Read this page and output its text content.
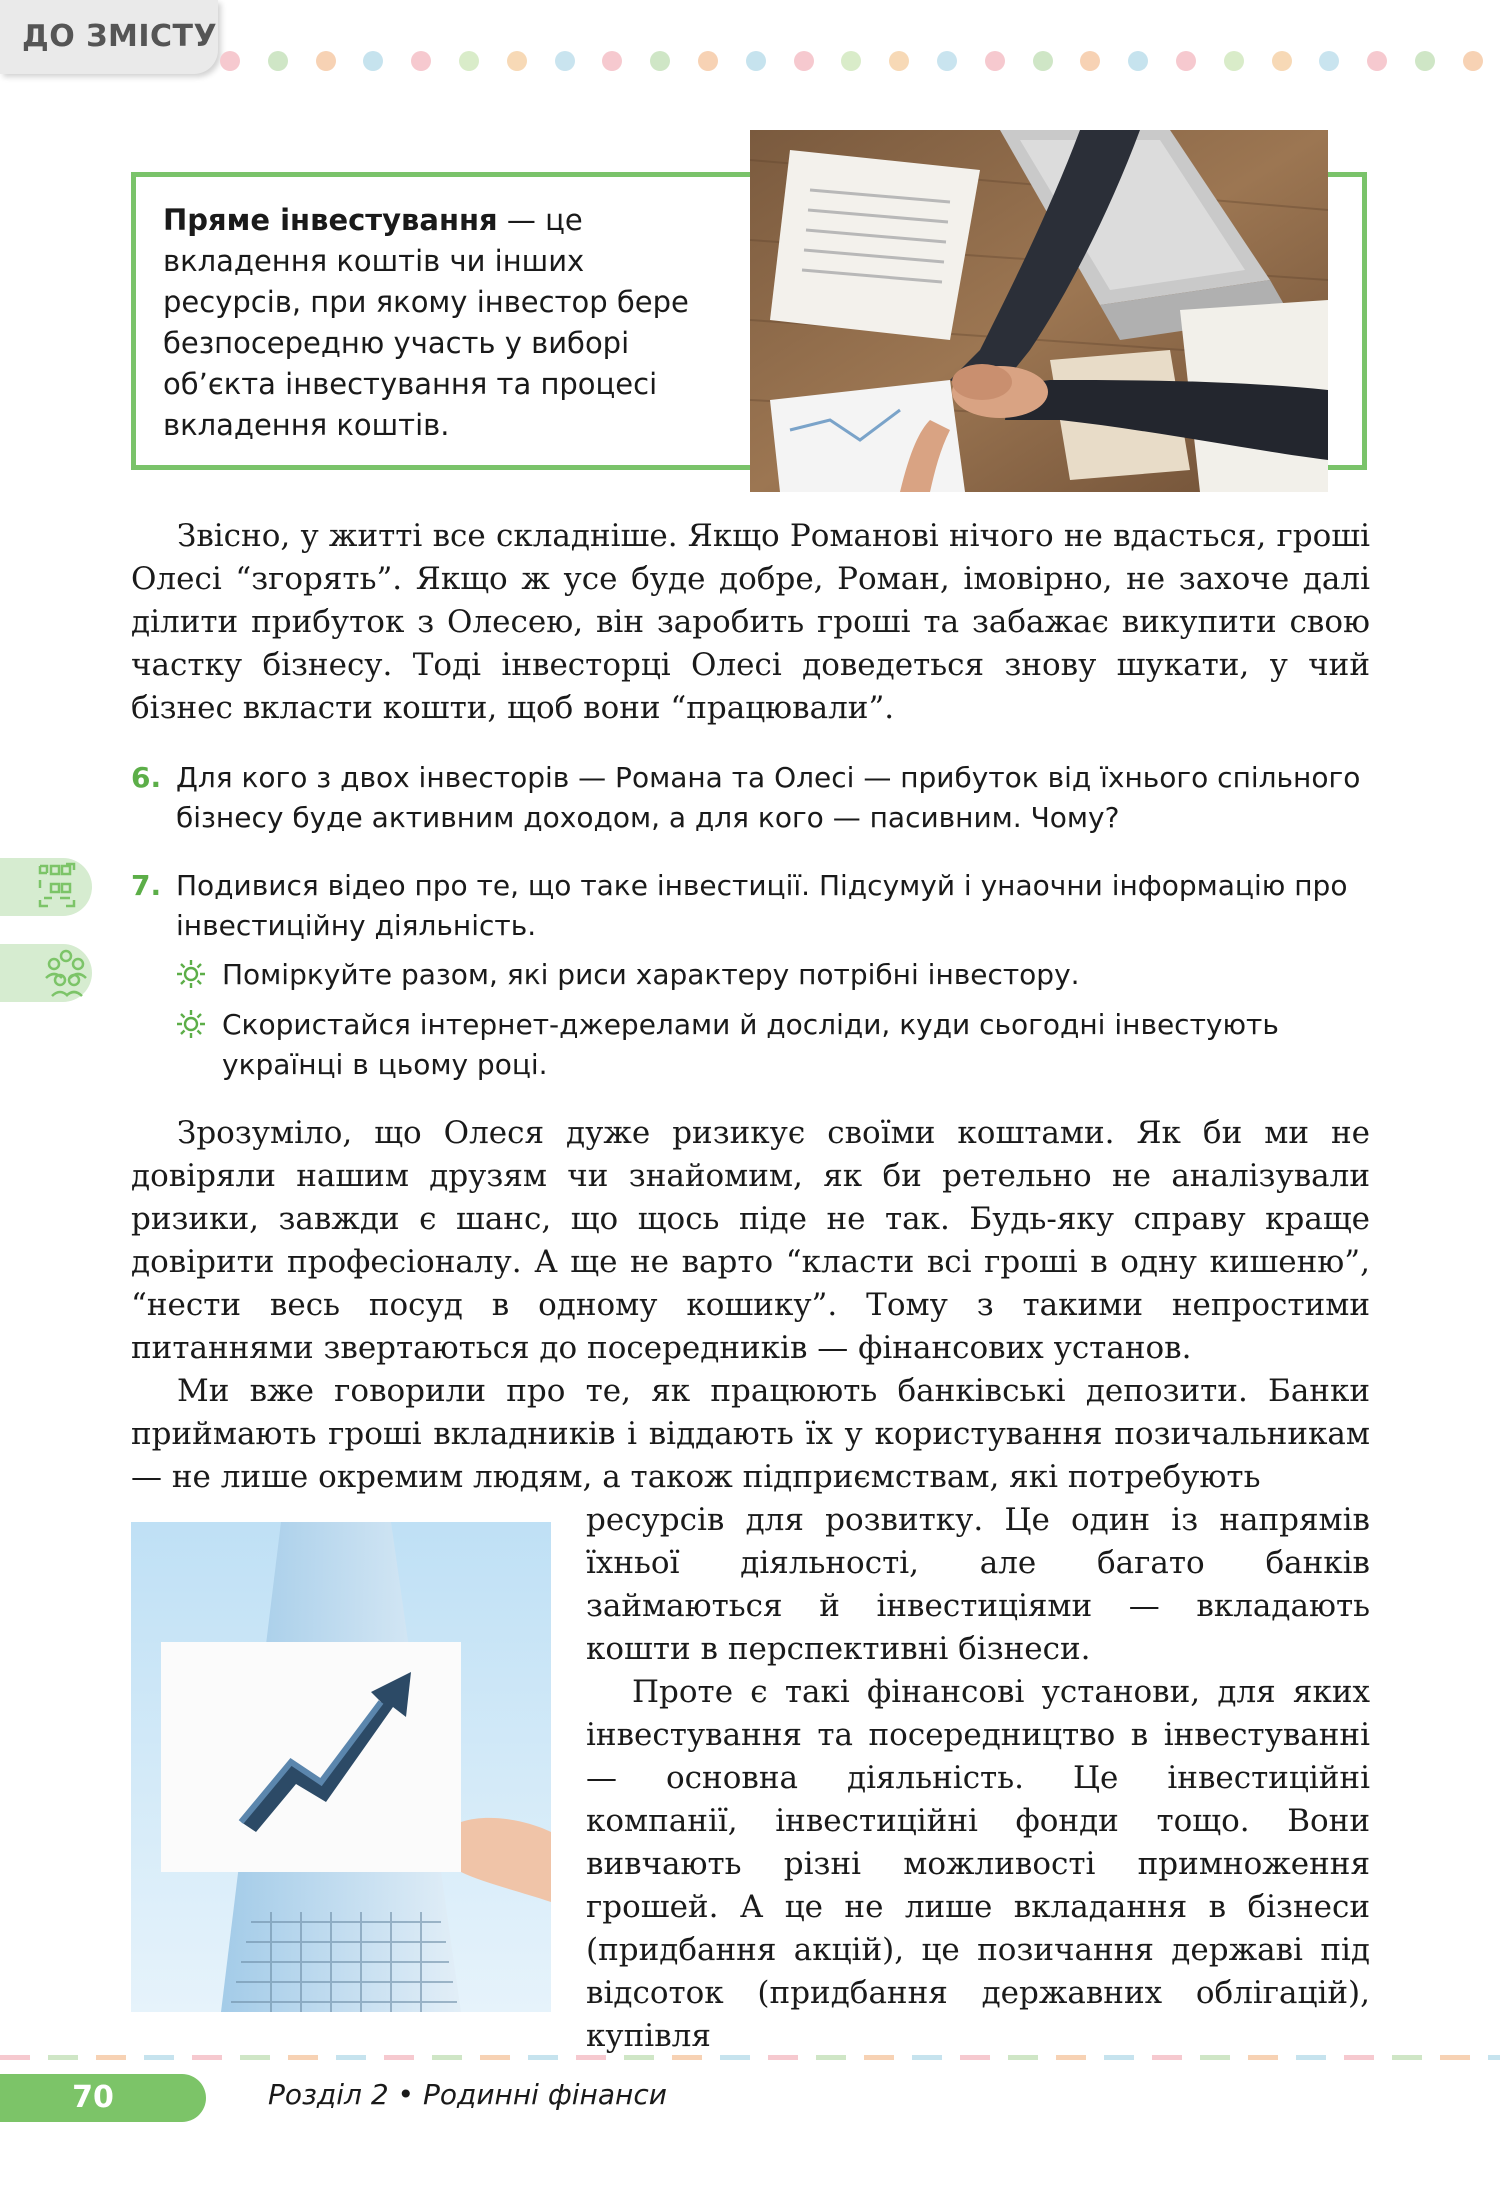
ДО ЗМІСТУ
Пряме інвестування — це вкладення коштів чи інших ресурсів, при якому інвестор бере безпосередню участь у виборі об’єкта інвестування та процесі вкладення коштів.
Звісно, у житті все складніше. Якщо Романові нічого не вдасться, гроші Олесі “згорять”. Якщо ж усе буде добре, Роман, імовірно, не захоче далі ділити прибуток з Олесею, він заробить гроші та забажає викупити свою частку бізнесу. Тоді інвесторці Олесі доведеться знову шукати, у чий бізнес вкласти кошти, щоб вони “працювали”.
6. Для кого з двох інвесторів — Романа та Олесі — прибуток від їхнього спільного бізнесу буде активним доходом, а для кого — пасивним. Чому?
7. Подивися відео про те, що таке інвестиції. Підсумуй і унаочни інформацію про інвестиційну діяльність.
Поміркуйте разом, які риси характеру потрібні інвестору.
Скористайся інтернет-джерелами й досліди, куди сьогодні інвестують українці в цьому році.
Зрозуміло, що Олеся дуже ризикує своїми коштами. Як би ми не довіряли нашим друзям чи знайомим, як би ретельно не аналізували ризики, завжди є шанс, що щось піде не так. Будь-яку справу краще довірити професіоналу. А ще не варто “класти всі гроші в одну кишеню”, “нести весь посуд в одному кошику”. Тому з такими непростими питаннями звертаються до посередників — фінансових установ.
Ми вже говорили про те, як працюють банківські депозити. Банки приймають гроші вкладників і віддають їх у користування позичальникам — не лише окремим людям, а також підприємствам, які потребують
ресурсів для розвитку. Це один із напрямів їхньої діяльності, але багато банків займаються й інвестиціями — вкладають кошти в перспективні бізнеси.
Проте є такі фінансові установи, для яких інвестування та посередництво в інвестуванні — основна діяльність. Це інвестиційні компанії, інвестиційні фонди тощо. Вони вивчають різні можливості примноження грошей. А це не лише вкладання в бізнеси (придбання акцій), це позичання державі під відсоток (придбання державних облігацій), купівля
70	Розділ 2 • Родинні фінанси
